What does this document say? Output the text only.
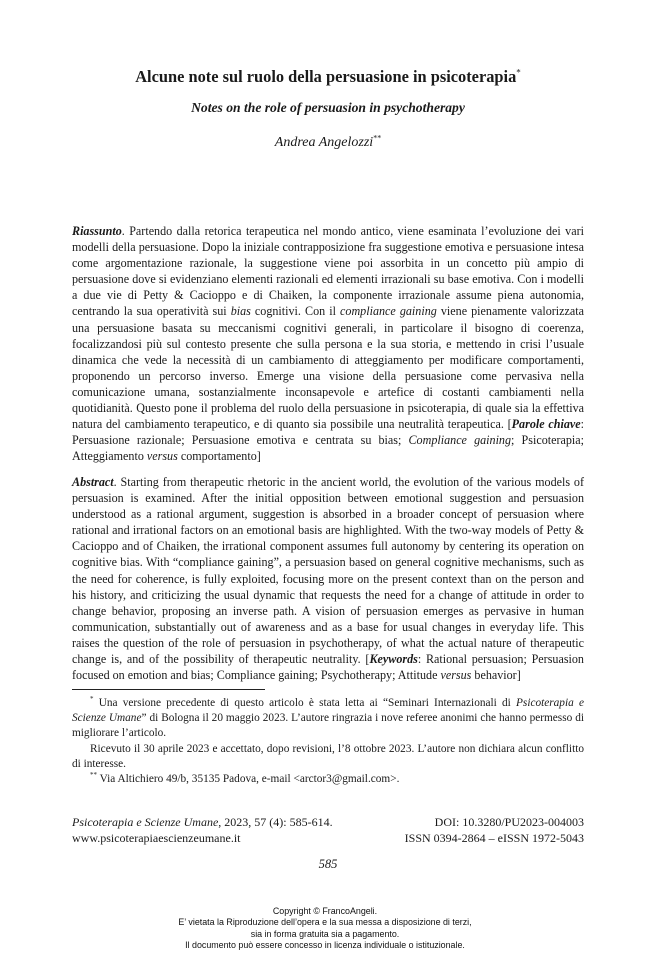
Alcune note sul ruolo della persuasione in psicoterapia*
Notes on the role of persuasion in psychotherapy
Andrea Angelozzi**
Riassunto. Partendo dalla retorica terapeutica nel mondo antico, viene esaminata l’evoluzione dei vari modelli della persuasione. Dopo la iniziale contrapposizione fra suggestione emotiva e persuasione intesa come argomentazione razionale, la suggestione viene poi assorbita in un concetto più ampio di persuasione dove si evidenziano elementi razionali ed elementi irrazionali su base emotiva. Con i modelli a due vie di Petty & Cacioppo e di Chaiken, la componente irrazionale assume piena autonomia, centrando la sua operatività sui bias cognitivi. Con il compliance gaining viene pienamente valorizzata una persuasione basata su meccanismi cognitivi generali, in particolare il bisogno di coerenza, focalizzandosi più sul contesto presente che sulla persona e la sua storia, e mettendo in crisi l’usuale dinamica che vede la necessità di un cambiamento di atteggiamento per modificare comportamenti, proponendo un percorso inverso. Emerge una visione della persuasione come pervasiva nella comunicazione umana, sostanzialmente inconsapevole e artefice di costanti cambiamenti nella quotidianità. Questo pone il problema del ruolo della persuasione in psicoterapia, di quale sia la effettiva natura del cambiamento terapeutico, e di quanto sia possibile una neutralità terapeutica. [Parole chiave: Persuasione razionale; Persuasione emotiva e centrata su bias; Compliance gaining; Psicoterapia; Atteggiamento versus comportamento]
Abstract. Starting from therapeutic rhetoric in the ancient world, the evolution of the various models of persuasion is examined. After the initial opposition between emotional suggestion and persuasion understood as a rational argument, suggestion is absorbed in a broader concept of persuasion where rational and irrational factors on an emotional basis are highlighted. With the two-way models of Petty & Cacioppo and of Chaiken, the irrational component assumes full autonomy by centering its operation on cognitive bias. With “compliance gaining”, a persuasion based on general cognitive mechanisms, such as the need for coherence, is fully exploited, focusing more on the present context than on the person and his history, and criticizing the usual dynamic that requests the need for a change of attitude in order to change behavior, proposing an inverse path. A vision of persuasion emerges as pervasive in human communication, substantially out of awareness and as a base for usual changes in everyday life. This raises the question of the role of persuasion in psychotherapy, of what the actual nature of therapeutic change is, and of the possibility of therapeutic neutrality. [Keywords: Rational persuasion; Persuasion focused on emotion and bias; Compliance gaining; Psychotherapy; Attitude versus behavior]

* Una versione precedente di questo articolo è stata letta ai “Seminari Internazionali di Psicoterapia e Scienze Umane” di Bologna il 20 maggio 2023. L’autore ringrazia i nove referee anonimi che hanno permesso di migliorare l’articolo.

Ricevuto il 30 aprile 2023 e accettato, dopo revisioni, l’8 ottobre 2023. L’autore non dichiara alcun conflitto di interesse.

** Via Altichiero 49/b, 35135 Padova, e-mail <arctor3@gmail.com>.

Psicoterapia e Scienze Umane, 2023, 57 (4): 585-614.	DOI: 10.3280/PU2023-004003
www.psicoterapiaescienzeumane.it	ISSN 0394-2864 – eISSN 1972-5043
585
Copyright © FrancoAngeli.
E’ vietata la Riproduzione dell’opera e la sua messa a disposizione di terzi,
sia in forma gratuita sia a pagamento.
Il documento può essere concesso in licenza individuale o istituzionale.
